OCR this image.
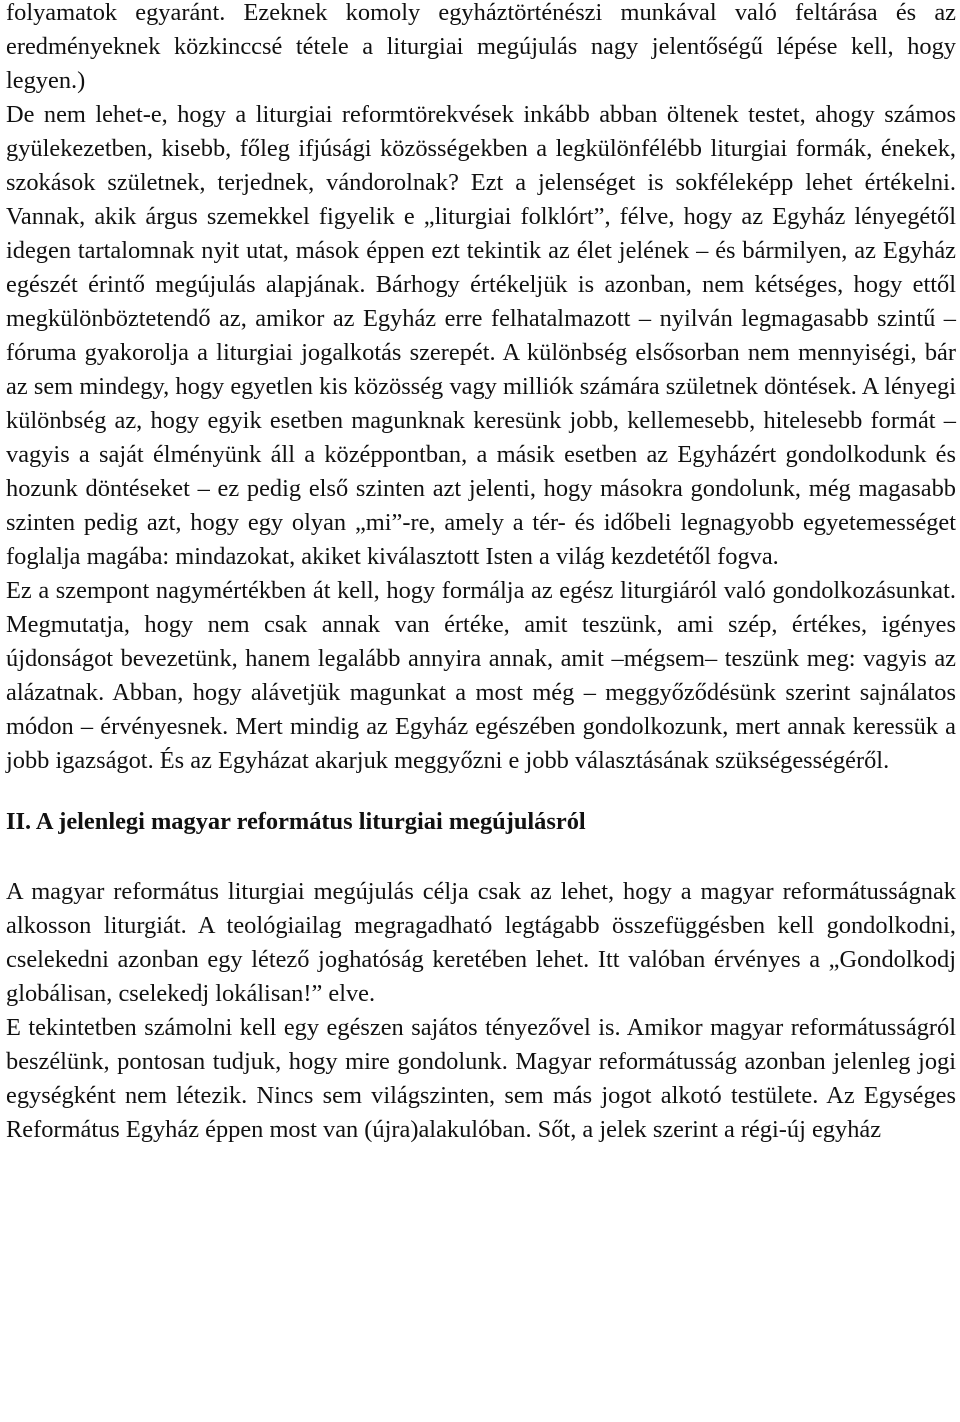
folyamatok egyaránt. Ezeknek komoly egyháztörténészi munkával való feltárása és az eredményeknek közkinccsé tétele a liturgiai megújulás nagy jelentőségű lépése kell, hogy legyen.)

De nem lehet-e, hogy a liturgiai reformtörekvések inkább abban öltenek testet, ahogy számos gyülekezetben, kisebb, főleg ifjúsági közösségekben a legkülönfélébb liturgiai formák, énekek, szokások születnek, terjednek, vándorolnak? Ezt a jelenséget is sokféleképp lehet értékelni. Vannak, akik árgus szemekkel figyelik e „liturgiai folklórt”, félve, hogy az Egyház lényegétől idegen tartalomnak nyit utat, mások éppen ezt tekintik az élet jelének – és bármilyen, az Egyház egészét érintő megújulás alapjának. Bárhogy értékeljük is azonban, nem kétséges, hogy ettől megkülönböztetendő az, amikor az Egyház erre felhatalmazott – nyilván legmagasabb szintű – fóruma gyakorolja a liturgiai jogalkotás szerepét. A különbség elsősorban nem mennyiségi, bár az sem mindegy, hogy egyetlen kis közösség vagy milliók számára születnek döntések. A lényegi különbség az, hogy egyik esetben magunknak keresünk jobb, kellemesebb, hitelesebb formát – vagyis a saját élményünk áll a középpontban, a másik esetben az Egyházért gondolkodunk és hozunk döntéseket – ez pedig első szinten azt jelenti, hogy másokra gondolunk, még magasabb szinten pedig azt, hogy egy olyan „mi”-re, amely a tér- és időbeli legnagyobb egyetemességet foglalja magába: mindazokat, akiket kiválasztott Isten a világ kezdetétől fogva.

Ez a szempont nagymértékben át kell, hogy formálja az egész liturgiáról való gondolkozásunkat. Megmutatja, hogy nem csak annak van értéke, amit teszünk, ami szép, értékes, igényes újdonságot bevezetünk, hanem legalább annyira annak, amit –mégsem– teszünk meg: vagyis az alázatnak. Abban, hogy alávetjük magunkat a most még – meggyőződésünk szerint sajnálatos módon – érvényesnek. Mert mindig az Egyház egészében gondolkozunk, mert annak keressük a jobb igazságot. És az Egyházat akarjuk meggyőzni e jobb választásának szükségességéről.

II. A jelenlegi magyar református liturgiai megújulásról

A magyar református liturgiai megújulás célja csak az lehet, hogy a magyar reformátusságnak alkosson liturgiát. A teológiailag megragadható legtágabb összefüggésben kell gondolkodni, cselekedni azonban egy létező joghatóság keretében lehet. Itt valóban érvényes a „Gondolkodj globálisan, cselekedj lokálisan!” elve.

E tekintetben számolni kell egy egészen sajátos tényezővel is. Amikor magyar reformátusságról beszélünk, pontosan tudjuk, hogy mire gondolunk. Magyar reformátusság azonban jelenleg jogi egységként nem létezik. Nincs sem világszinten, sem más jogot alkotó testülete. Az Egységes Református Egyház éppen most van (újra)alakulóban. Sőt, a jelek szerint a régi-új egyház
